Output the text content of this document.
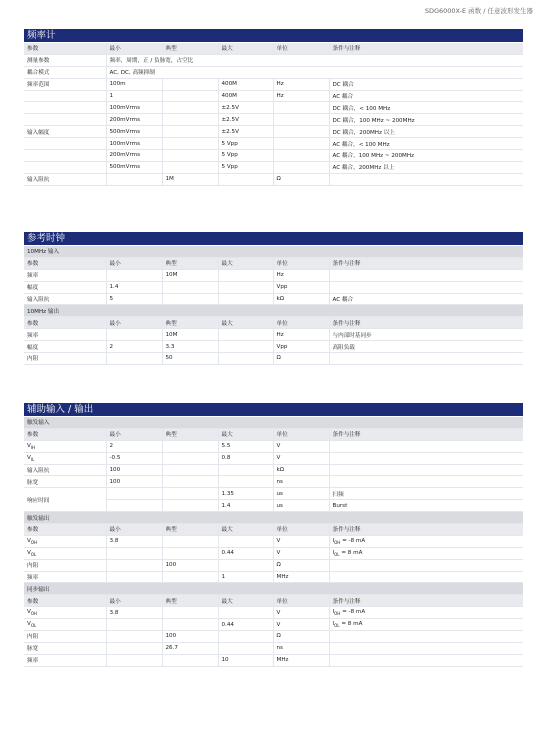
SDG6000X-E 函数 / 任意波形发生器
频率计
参数	最小	典型	最大	单位	条件与注释
测量参数	频率，周期，正 / 负脉宽，占空比				
耦合模式	AC, DC, 高频抑制				
频率范围	100m		400M	Hz	DC 耦合
	1		400M	Hz	AC 耦合
	100mVrms		±2.5V		DC 耦合，< 100 MHz
	200mVrms		±2.5V		DC 耦合，100 MHz ~ 200MHz
输入幅度	500mVrms		±2.5V		DC 耦合，200MHz 以上
	100mVrms		5 Vpp		AC 耦合，< 100 MHz
	200mVrms		5 Vpp		AC 耦合，100 MHz ~ 200MHz
	500mVrms		5 Vpp		AC 耦合，200MHz 以上
输入阻抗		1M		Ω	
参考时钟
10MHz 输入					
参数	最小	典型	最大	单位	条件与注释
频率		10M		Hz	
幅度	1.4			Vpp	
输入阻抗	5			kΩ	AC 耦合
10MHz 输出					
参数	最小	典型	最大	单位	条件与注释
频率		10M		Hz	与内部时基同步
幅度	2	3.3		Vpp	高阻负载
内阻		50		Ω	
辅助输入 / 输出
触发输入					
参数	最小	典型	最大	单位	条件与注释
$V_{IH}$	2		5.5	V	
$V_{IL}$	-0.5		0.8	V	
输入阻抗	100			kΩ	
脉宽	100			ns	
响应时间			1.35	us	扫频
			1.4	us	Burst
触发输出					
参数	最小	典型	最大	单位	条件与注释
$V_{OH}$	3.8			V	$I_{OH} = -8$ mA
$V_{OL}$			0.44	V	$I_{OL} = 8$ mA
内阻		100		Ω	
频率			1	MHz	
同步输出					
参数	最小	典型	最大	单位	条件与注释
$V_{OH}$	3.8			V	$I_{OH} = -8$ mA
$V_{OL}$			0.44	V	$I_{OL} = 8$ mA
内阻		100		Ω	
脉宽		26.7		ns	
频率			10	MHz	
